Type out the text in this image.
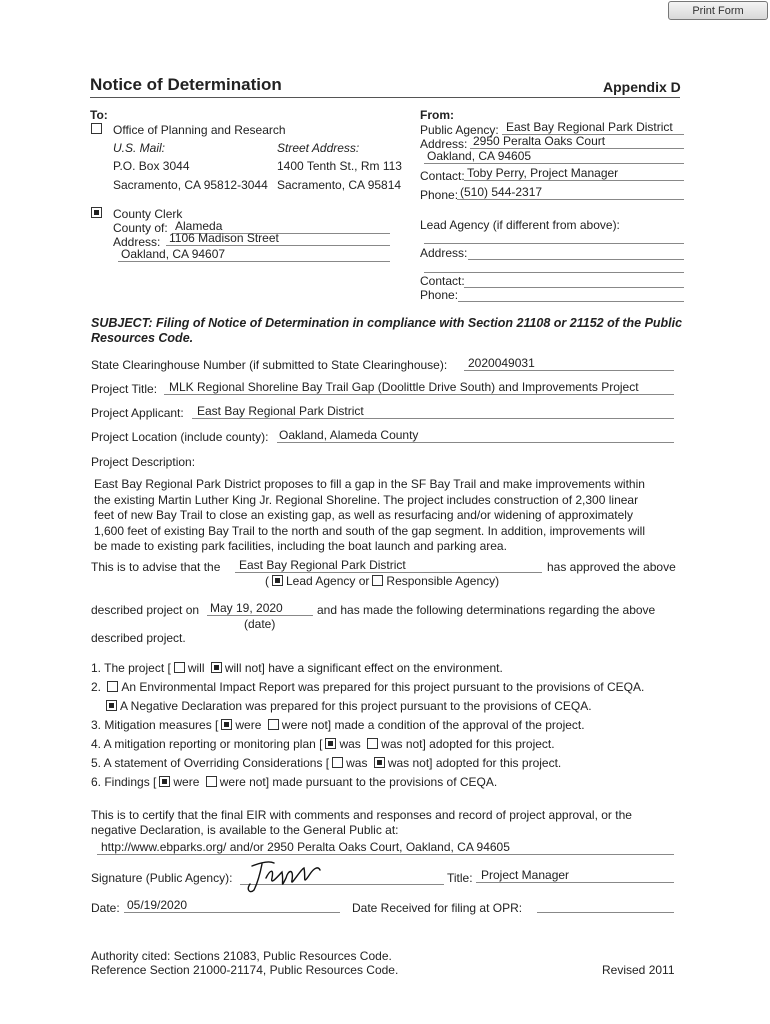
Print Form
Notice of Determination	Appendix D
To:
Office of Planning and Research
U.S. Mail:	Street Address:
P.O. Box 3044	1400 Tenth St., Rm 113
Sacramento, CA 95812-3044 Sacramento, CA 95814
County Clerk
County of: Alameda
Address: 1106 Madison Street
Oakland, CA 94607
From:
Public Agency: East Bay Regional Park District
Address: 2950 Peralta Oaks Court
Oakland, CA 94605
Contact: Toby Perry, Project Manager
Phone: (510) 544-2317
Lead Agency (if different from above):
Address:
Contact:
Phone:
SUBJECT: Filing of Notice of Determination in compliance with Section 21108 or 21152 of the Public
Resources Code.
State Clearinghouse Number (if submitted to State Clearinghouse):	2020049031
Project Title: MLK Regional Shoreline Bay Trail Gap (Doolittle Drive South) and Improvements Project
Project Applicant:	East Bay Regional Park District
Project Location (include county): Oakland, Alameda County
Project Description:
East Bay Regional Park District proposes to fill a gap in the SF Bay Trail and make improvements within
the existing Martin Luther King Jr. Regional Shoreline. The project includes construction of 2,300 linear
feet of new Bay Trail to close an existing gap, as well as resurfacing and/or widening of approximately
1,600 feet of existing Bay Trail to the north and south of the gap segment. In addition, improvements will
be made to existing park facilities, including the boat launch and parking area.
This is to advise that the	East Bay Regional Park District	has approved the above
( Lead Agency or Responsible Agency)
described project on May 19, 2020	and has made the following determinations regarding the above
(date)
described project.
1. The project [ will will not] have a significant effect on the environment.
2. An Environmental Impact Report was prepared for this project pursuant to the provisions of CEQA.
A Negative Declaration was prepared for this project pursuant to the provisions of CEQA.
3. Mitigation measures [ were were not] made a condition of the approval of the project.
4. A mitigation reporting or monitoring plan [ was was not] adopted for this project.
5. A statement of Overriding Considerations [ was was not] adopted for this project.
6. Findings [ were were not] made pursuant to the provisions of CEQA.
This is to certify that the final EIR with comments and responses and record of project approval, or the
negative Declaration, is available to the General Public at:
http://www.ebparks.org/ and/or 2950 Peralta Oaks Court, Oakland, CA 94605
Signature (Public Agency):	Title: Project Manager
Date: 05/19/2020	Date Received for filing at OPR:
Authority cited: Sections 21083, Public Resources Code.
Reference Section 21000-21174, Public Resources Code.	Revised 2011
